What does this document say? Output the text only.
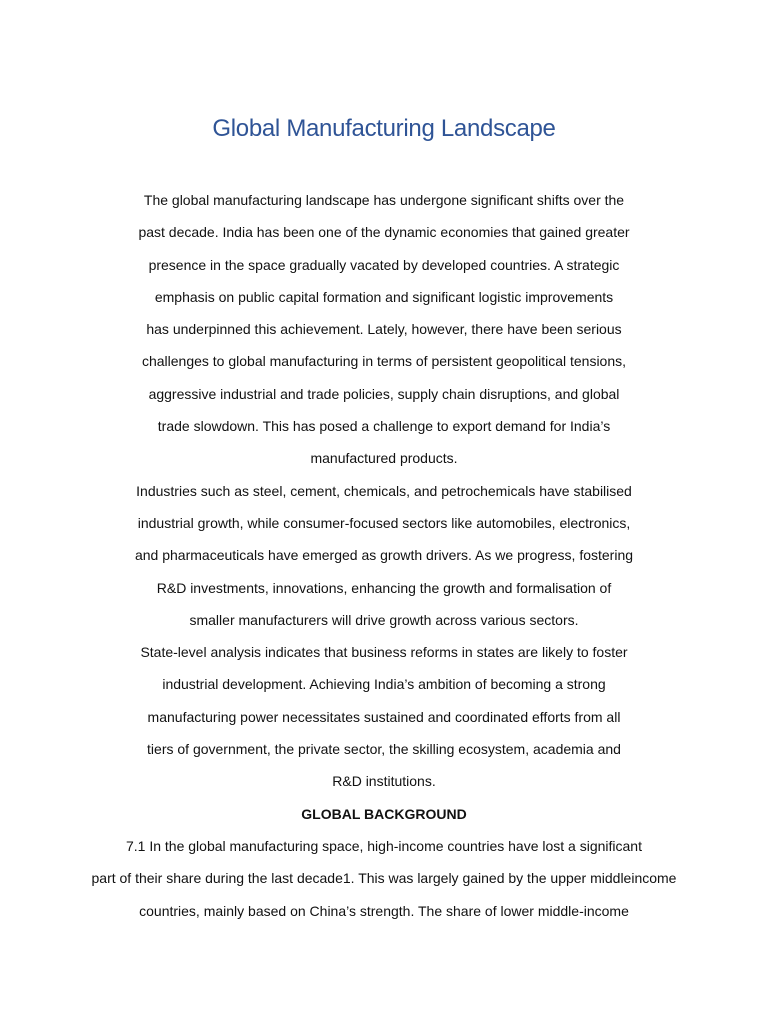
Global Manufacturing Landscape
The global manufacturing landscape has undergone significant shifts over the
past decade. India has been one of the dynamic economies that gained greater
presence in the space gradually vacated by developed countries. A strategic
emphasis on public capital formation and significant logistic improvements
has underpinned this achievement. Lately, however, there have been serious
challenges to global manufacturing in terms of persistent geopolitical tensions,
aggressive industrial and trade policies, supply chain disruptions, and global
trade slowdown. This has posed a challenge to export demand for India’s
manufactured products.
Industries such as steel, cement, chemicals, and petrochemicals have stabilised
industrial growth, while consumer-focused sectors like automobiles, electronics,
and pharmaceuticals have emerged as growth drivers. As we progress, fostering
R&D investments, innovations, enhancing the growth and formalisation of
smaller manufacturers will drive growth across various sectors.
State-level analysis indicates that business reforms in states are likely to foster
industrial development. Achieving India’s ambition of becoming a strong
manufacturing power necessitates sustained and coordinated efforts from all
tiers of government, the private sector, the skilling ecosystem, academia and
R&D institutions.
GLOBAL BACKGROUND
7.1 In the global manufacturing space, high-income countries have lost a significant
part of their share during the last decade1. This was largely gained by the upper middleincome
countries, mainly based on China’s strength. The share of lower middle-income
